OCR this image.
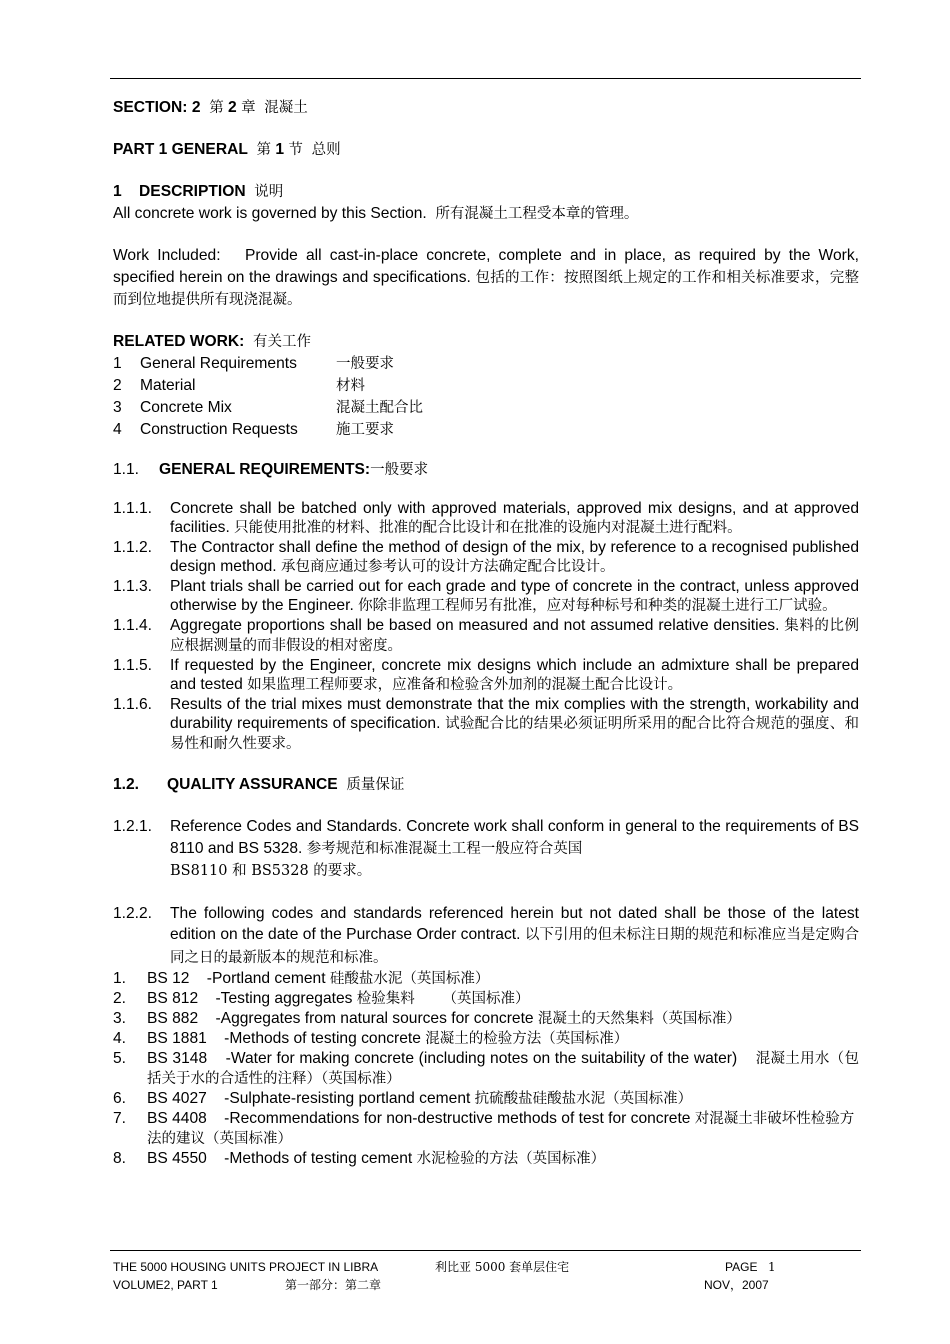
SECTION: 2 第 2 章 混凝土

PART 1 GENERAL 第 1 节 总则

1 DESCRIPTION 说明

All concrete work is governed by this Section. 所有混凝土工程受本章的管理。

Work Included:   Provide all cast-in-place concrete, complete and in place, as required by the Work, specified herein on the drawings and specifications. 包括的工作：按照图纸上规定的工作和相关标准要求，完整而到位地提供所有现浇混凝。

RELATED WORK: 有关工作

1	General Requirements	一般要求
2	Material	材料
3	Concrete Mix	混凝土配合比
4	Construction Requests	施工要求

1.1. GENERAL REQUIREMENTS:一般要求

1.1.1.	Concrete shall be batched only with approved materials, approved mix designs, and at approved facilities. 只能使用批准的材料、批准的配合比设计和在批准的设施内对混凝土进行配料。
1.1.2.	The Contractor shall define the method of design of the mix, by reference to a recognised published design method. 承包商应通过参考认可的设计方法确定配合比设计。
1.1.3.	Plant trials shall be carried out for each grade and type of concrete in the contract, unless approved otherwise by the Engineer. 你除非监理工程师另有批准，应对每种标号和种类的混凝土进行工厂试验。
1.1.4.	Aggregate proportions shall be based on measured and not assumed relative densities. 集料的比例应根据测量的而非假设的相对密度。
1.1.5.	If requested by the Engineer, concrete mix designs which include an admixture shall be prepared and tested 如果监理工程师要求，应准备和检验含外加剂的混凝土配合比设计。
1.1.6.	Results of the trial mixes must demonstrate that the mix complies with the strength, workability and durability requirements of specification. 试验配合比的结果必须证明所采用的配合比符合规范的强度、和易性和耐久性要求。

1.2. QUALITY ASSURANCE 质量保证

1.2.1.	Reference Codes and Standards. Concrete work shall conform in general to the requirements of BS 8110 and BS 5328. 参考规范和标准混凝土工程一般应符合英国
BS8110 和 BS5328 的要求。
1.2.2.	The following codes and standards referenced herein but not dated shall be those of the latest edition on the date of the Purchase Order contract. 以下引用的但未标注日期的规范和标准应当是定购合同之日的最新版本的规范和标准。
1.	BS 12    -Portland cement 硅酸盐水泥（英国标准）
2.	BS 812    -Testing aggregates 检验集料      （英国标准）
3.	BS 882    -Aggregates from natural sources for concrete 混凝土的天然集料（英国标准）
4.	BS 1881    -Methods of testing concrete 混凝土的检验方法（英国标准）
5.	BS 3148    -Water for making concrete (including notes on the suitability of the water) 混凝土用水（包括关于水的合适性的注释）（英国标准）
6.	BS 4027    -Sulphate-resisting portland cement 抗硫酸盐硅酸盐水泥（英国标准）
7.	BS 4408    -Recommendations for non-destructive methods of test for concrete 对混凝土非破坏性检验方法的建议（英国标准）
8.	BS 4550    -Methods of testing cement 水泥检验的方法（英国标准）
THE 5000 HOUSING UNITS PROJECT IN LIBRA	利比亚 5000 套单层住宅	PAGE 1
VOLUME2, PART 1	第一部分：第二章	NOV，2007
